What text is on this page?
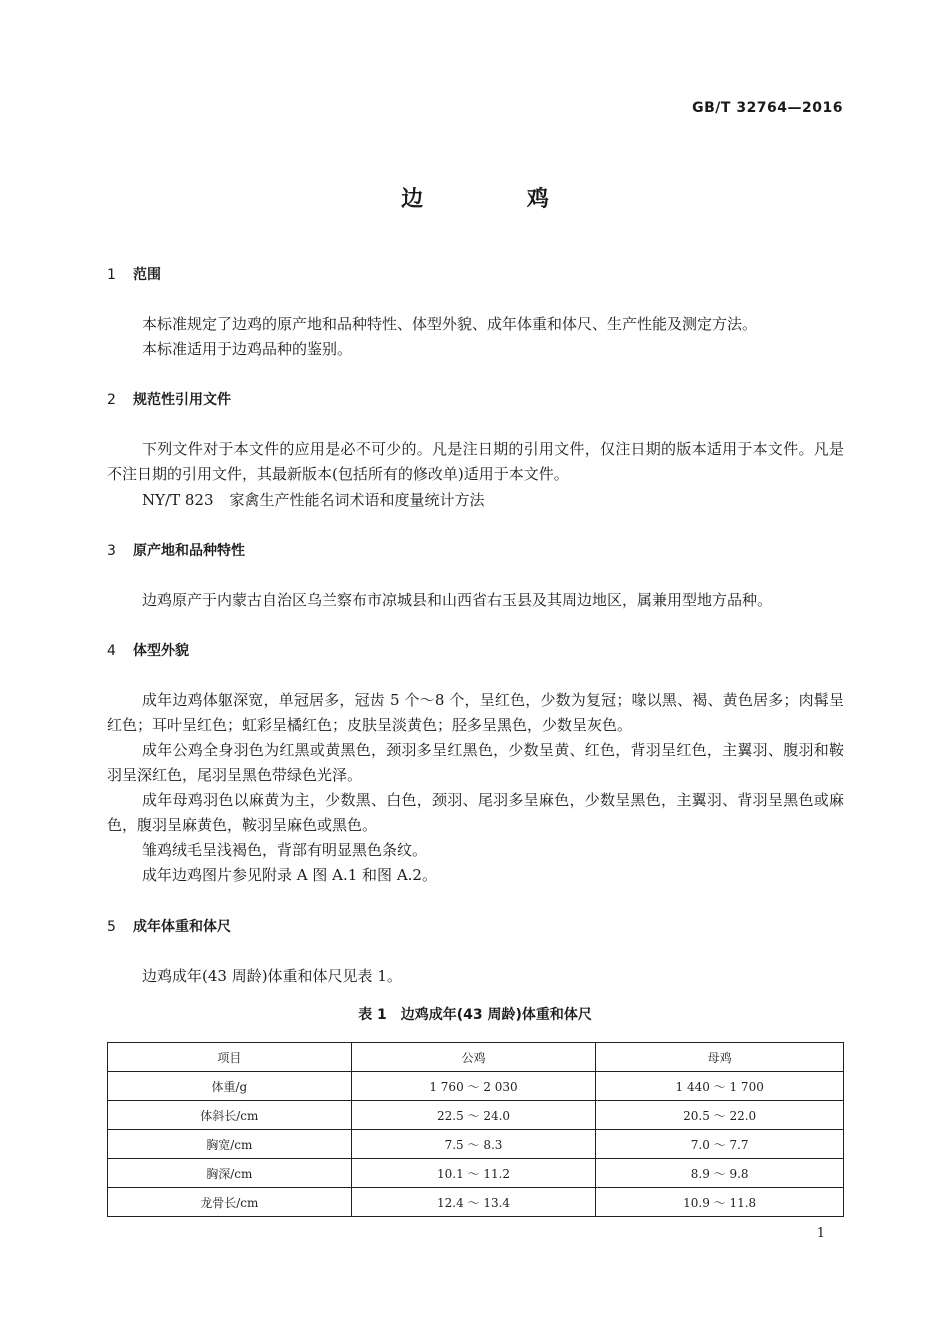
GB/T 32764—2016
边 鸡
1 范围
本标准规定了边鸡的原产地和品种特性、体型外貌、成年体重和体尺、生产性能及测定方法。
本标准适用于边鸡品种的鉴别。
2 规范性引用文件
下列文件对于本文件的应用是必不可少的。凡是注日期的引用文件，仅注日期的版本适用于本文件。凡是不注日期的引用文件，其最新版本(包括所有的修改单)适用于本文件。
NY/T 823 家禽生产性能名词术语和度量统计方法
3 原产地和品种特性
边鸡原产于内蒙古自治区乌兰察布市凉城县和山西省右玉县及其周边地区，属兼用型地方品种。
4 体型外貌
成年边鸡体躯深宽，单冠居多，冠齿 5 个～8 个，呈红色，少数为复冠；喙以黑、褐、黄色居多；肉髯呈红色；耳叶呈红色；虹彩呈橘红色；皮肤呈淡黄色；胫多呈黑色，少数呈灰色。
成年公鸡全身羽色为红黑或黄黑色，颈羽多呈红黑色，少数呈黄、红色，背羽呈红色，主翼羽、腹羽和鞍羽呈深红色，尾羽呈黑色带绿色光泽。
成年母鸡羽色以麻黄为主，少数黑、白色，颈羽、尾羽多呈麻色，少数呈黑色，主翼羽、背羽呈黑色或麻色，腹羽呈麻黄色，鞍羽呈麻色或黑色。
雏鸡绒毛呈浅褐色，背部有明显黑色条纹。
成年边鸡图片参见附录 A 图 A.1 和图 A.2。
5 成年体重和体尺
边鸡成年(43 周龄)体重和体尺见表 1。
表 1　边鸡成年(43 周龄)体重和体尺
项目	公鸡	母鸡
体重/g	1 760 ～ 2 030	1 440 ～ 1 700
体斜长/cm	22.5 ～ 24.0	20.5 ～ 22.0
胸宽/cm	7.5 ～ 8.3	7.0 ～ 7.7
胸深/cm	10.1 ～ 11.2	8.9 ～ 9.8
龙骨长/cm	12.4 ～ 13.4	10.9 ～ 11.8
1
